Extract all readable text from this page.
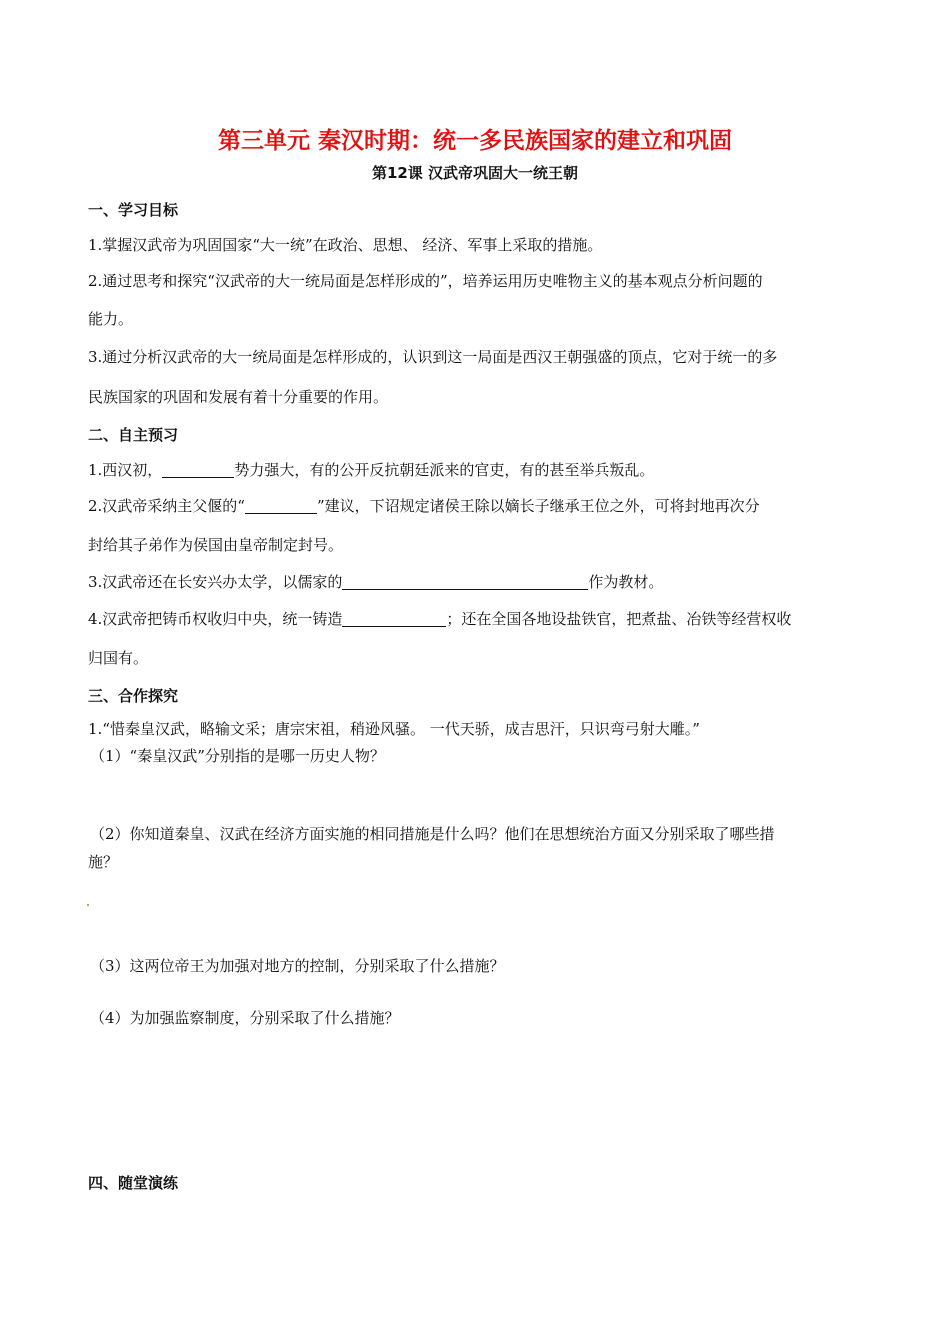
第三单元 秦汉时期：统一多民族国家的建立和巩固
第12课 汉武帝巩固大一统王朝
一、学习目标
1.掌握汉武帝为巩固国家“大一统”在政治、思想、 经济、军事上采取的措施。
2.通过思考和探究“汉武帝的大一统局面是怎样形成的”，培养运用历史唯物主义的基本观点分析问题的
能力。
3.通过分析汉武帝的大一统局面是怎样形成的，认识到这一局面是西汉王朝强盛的顶点，它对于统一的多
民族国家的巩固和发展有着十分重要的作用。
二、自主预习
1.西汉初，	势力强大，有的公开反抗朝廷派来的官吏，有的甚至举兵叛乱。
2.汉武帝采纳主父偃的“	”建议，下诏规定诸侯王除以嫡长子继承王位之外，可将封地再次分
封给其子弟作为侯国由皇帝制定封号。
3.汉武帝还在长安兴办太学，以儒家的	作为教材。
4.汉武帝把铸币权收归中央，统一铸造	；还在全国各地设盐铁官，把煮盐、冶铁等经营权收
归国有。
三、合作探究
1.“惜秦皇汉武，略输文采；唐宗宋祖，稍逊风骚。 一代天骄，成吉思汗，只识弯弓射大雕。”
（1）“秦皇汉武”分别指的是哪一历史人物？
（2）你知道秦皇、汉武在经济方面实施的相同措施是什么吗？他们在思想统治方面又分别采取了哪些措
施？
（3）这两位帝王为加强对地方的控制，分别采取了什么措施？
（4）为加强监察制度，分别采取了什么措施？
四、随堂演练
